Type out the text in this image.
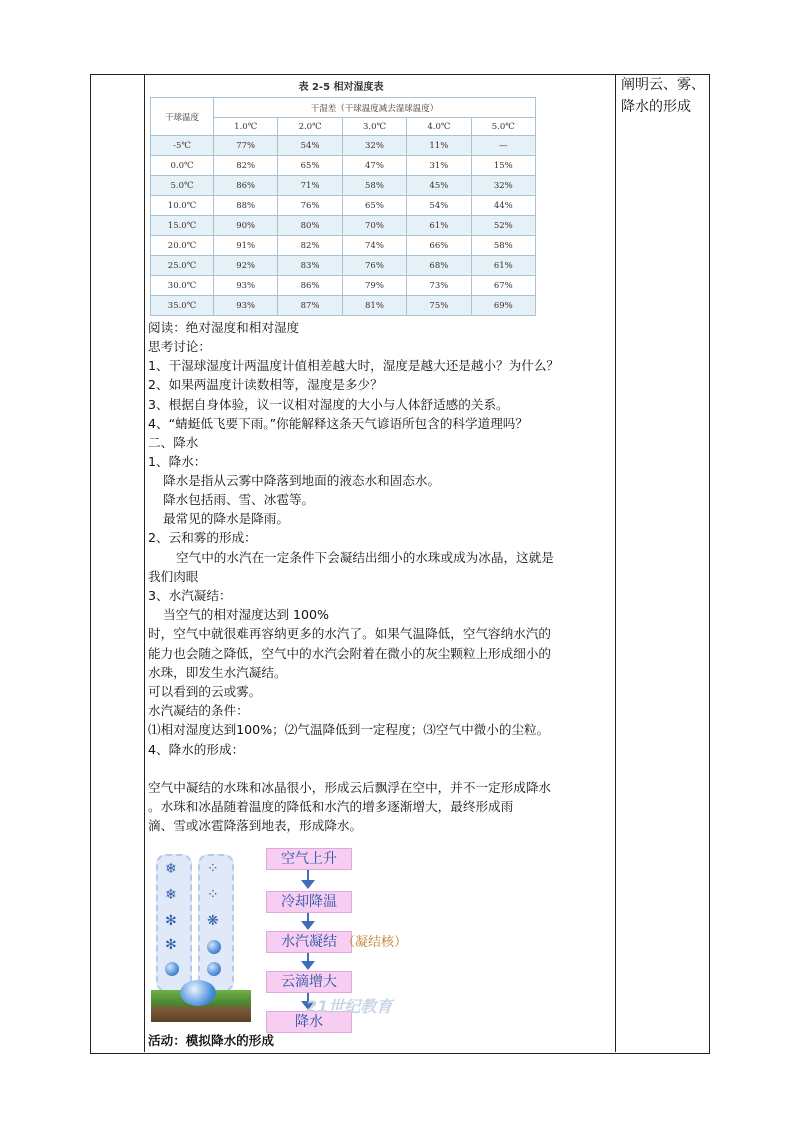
阐明云、雾、降水的形成
表 2-5 相对湿度表
干球温度	干湿差（干球温度减去湿球温度）				
	1.0℃	2.0℃	3.0℃	4.0℃	5.0℃
-5℃	77%	54%	32%	11%	—
0.0℃	82%	65%	47%	31%	15%
5.0℃	86%	71%	58%	45%	32%
10.0℃	88%	76%	65%	54%	44%
15.0℃	90%	80%	70%	61%	52%
20.0℃	91%	82%	74%	66%	58%
25.0℃	92%	83%	76%	68%	61%
30.0℃	93%	86%	79%	73%	67%
35.0℃	93%	87%	81%	75%	69%
阅读：绝对湿度和相对湿度
思考讨论：
1、干湿球湿度计两温度计值相差越大时，湿度是越大还是越小？为什么？
2、如果两温度计读数相等，湿度是多少？
3、根据自身体验，议一议相对湿度的大小与人体舒适感的关系。
4、“蜻蜓低飞要下雨。”你能解释这条天气谚语所包含的科学道理吗？
二、降水
1、降水：
降水是指从云雾中降落到地面的液态水和固态水。
降水包括雨、雪、冰雹等。
最常见的降水是降雨。
2、云和雾的形成：
空气中的水汽在一定条件下会凝结出细小的水珠或成为冰晶，这就是
我们肉眼
3、水汽凝结：
当空气的相对湿度达到 100%
时，空气中就很难再容纳更多的水汽了。如果气温降低，空气容纳水汽的
能力也会随之降低，空气中的水汽会附着在微小的灰尘颗粒上形成细小的
水珠，即发生水汽凝结。
可以看到的云或雾。
水汽凝结的条件：
⑴相对湿度达到100%；⑵气温降低到一定程度；⑶空气中微小的尘粒。
4、降水的形成：
空气中凝结的水珠和冰晶很小，形成云后飘浮在空中，并不一定形成降水
。水珠和冰晶随着温度的降低和水汽的增多逐渐增大，最终形成雨
滴、雪或冰雹降落到地表，形成降水。
❄
❄
✻
✻
⁘
⁘
❋
空气上升
冷却降温
水汽凝结 （凝结核）
云滴增大
降水
21世纪教育
活动：模拟降水的形成
